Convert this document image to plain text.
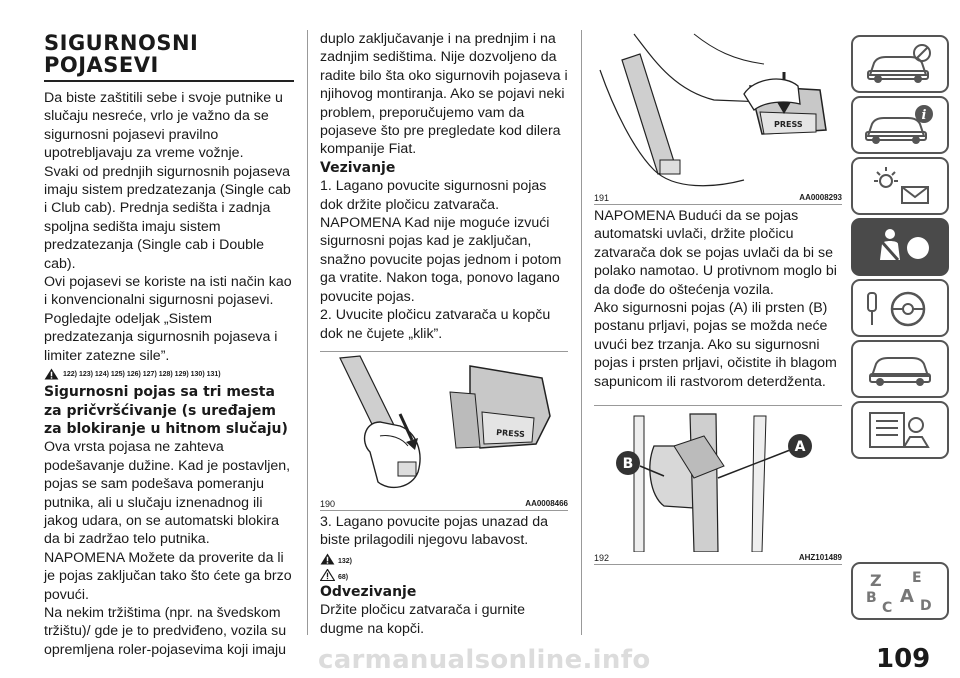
SIGURNOSNI
POJASEVI

Da biste zaštitili sebe i svoje putnike u slučaju nesreće, vrlo je važno da se sigurnosni pojasevi pravilno upotrebljavaju za vreme vožnje.

Svaki od prednjih sigurnosnih pojaseva imaju sistem predzatezanja (Single cab i Club cab). Prednja sedišta i zadnja spoljna sedišta imaju sistem predzatezanja (Single cab i Double cab).

Ovi pojasevi se koriste na isti način kao i konvencionalni sigurnosni pojasevi.

Pogledajte odeljak „Sistem predzatezanja sigurnosnih pojaseva i limiter zatezne sile”.

122) 123) 124) 125) 126) 127) 128) 129) 130) 131)
Sigurnosni pojas sa tri mesta za pričvršćivanje (s uređajem za blokiranje u hitnom slučaju)

Ova vrsta pojasa ne zahteva podešavanje dužine. Kad je postavljen, pojas se sam podešava pomeranju putnika, ali u slučaju iznenadnog ili jakog udara, on se automatski blokira da bi zadržao telo putnika.

NAPOMENA Možete da proverite da li je pojas zaključan tako što ćete ga brzo povući.

Na nekim tržištima (npr. na švedskom tržištu)/ gde je to predviđeno, vozila su opremljena roler-pojasevima koji imaju

duplo zaključavanje i na prednjim i na zadnjim sedištima. Nije dozvoljeno da radite bilo šta oko sigurnovih pojaseva i njihovog montiranja. Ako se pojavi neki problem, preporučujemo vam da pojaseve što pre pregledate kod dilera kompanije Fiat.

Vezivanje

1. Lagano povucite sigurnosni pojas dok držite pločicu zatvarača.

NAPOMENA Kad nije moguće izvući sigurnosni pojas kad je zaključan, snažno povucite pojas jednom i potom ga vratite. Nakon toga, ponovo lagano povucite pojas.

2. Uvucite pločicu zatvarača u kopču dok ne čujete „klik”.

PRESS
190	AA0008466

3. Lagano povucite pojas unazad da biste prilagodili njegovu labavost.

132)
68)
Odvezivanje

Držite pločicu zatvarača i gurnite dugme na kopči.

PRESS
191	AA0008293

NAPOMENA Budući da se pojas automatski uvlači, držite pločicu zatvarača dok se pojas uvlači da bi se polako namotao. U protivnom moglo bi da dođe do oštećenja vozila.

Ako sigurnosni pojas (A) ili prsten (B) postanu prljavi, pojas se možda neće uvući bez trzanja. Ako su sigurnosni pojas i prsten prljavi, očistite ih blagom sapunicom ili rastvorom deterdženta.

B
A
192	AHZ101489
i
Z E
B A
C D
carmanualsonline.info	109
